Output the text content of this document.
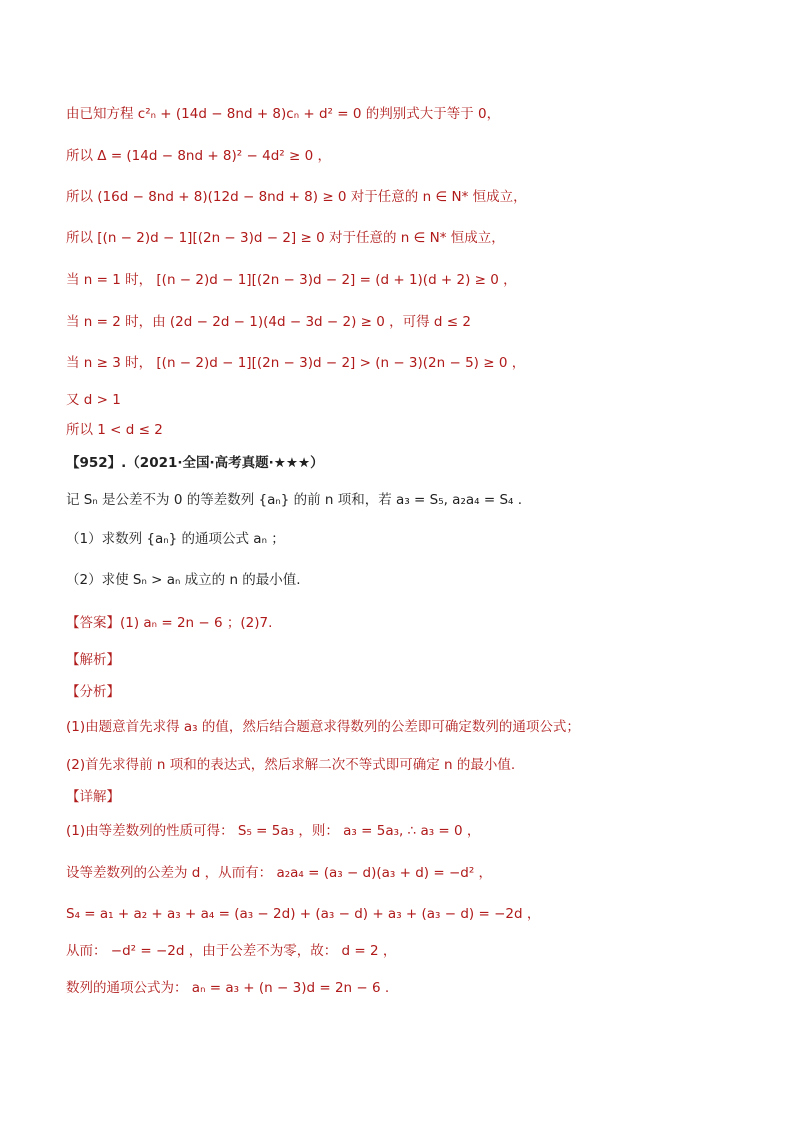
由已知方程 c²ₙ + (14d − 8nd + 8)cₙ + d² = 0 的判别式大于等于 0，
所以 Δ = (14d − 8nd + 8)² − 4d² ≥ 0 ，
所以 (16d − 8nd + 8)(12d − 8nd + 8) ≥ 0 对于任意的 n ∈ N* 恒成立，
所以 [(n − 2)d − 1][(2n − 3)d − 2] ≥ 0 对于任意的 n ∈ N* 恒成立，
当 n = 1 时， [(n − 2)d − 1][(2n − 3)d − 2] = (d + 1)(d + 2) ≥ 0 ，
当 n = 2 时，由 (2d − 2d − 1)(4d − 3d − 2) ≥ 0 ，可得 d ≤ 2
当 n ≥ 3 时， [(n − 2)d − 1][(2n − 3)d − 2] > (n − 3)(2n − 5) ≥ 0 ，
又 d > 1
所以 1 < d ≤ 2
【952】.（2021·全国·高考真题·★★★）
记 Sₙ 是公差不为 0 的等差数列 {aₙ} 的前 n 项和，若 a₃ = S₅, a₂a₄ = S₄ .
（1）求数列 {aₙ} 的通项公式 aₙ ；
（2）求使 Sₙ > aₙ 成立的 n 的最小值.
【答案】(1) aₙ = 2n − 6 ；(2)7.
【解析】
【分析】
(1)由题意首先求得 a₃ 的值，然后结合题意求得数列的公差即可确定数列的通项公式；
(2)首先求得前 n 项和的表达式，然后求解二次不等式即可确定 n 的最小值.
【详解】
(1)由等差数列的性质可得： S₅ = 5a₃ ，则： a₃ = 5a₃, ∴ a₃ = 0 ，
设等差数列的公差为 d ，从而有： a₂a₄ = (a₃ − d)(a₃ + d) = −d² ，
S₄ = a₁ + a₂ + a₃ + a₄ = (a₃ − 2d) + (a₃ − d) + a₃ + (a₃ − d) = −2d ，
从而： −d² = −2d ，由于公差不为零，故： d = 2 ，
数列的通项公式为： aₙ = a₃ + (n − 3)d = 2n − 6 .
